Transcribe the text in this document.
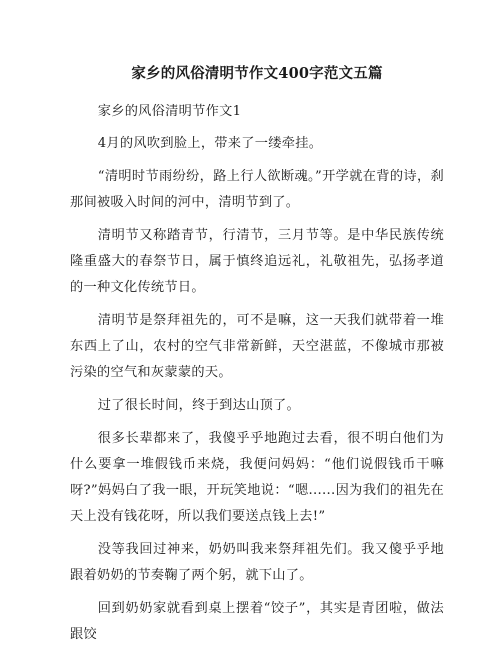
家乡的风俗清明节作文400字范文五篇
家乡的风俗清明节作文1
4月的风吹到脸上，带来了一缕牵挂。
“清明时节雨纷纷，路上行人欲断魂。”开学就在背的诗，刹那间被吸入时间的河中，清明节到了。
清明节又称踏青节，行清节，三月节等。是中华民族传统隆重盛大的春祭节日，属于慎终追远礼，礼敬祖先，弘扬孝道的一种文化传统节日。
清明节是祭拜祖先的，可不是嘛，这一天我们就带着一堆东西上了山，农村的空气非常新鲜，天空湛蓝，不像城市那被污染的空气和灰蒙蒙的天。
过了很长时间，终于到达山顶了。
很多长辈都来了，我傻乎乎地跑过去看，很不明白他们为什么要拿一堆假钱币来烧，我便问妈妈：“他们说假钱币干嘛呀?”妈妈白了我一眼，开玩笑地说：“嗯......因为我们的祖先在天上没有钱花呀，所以我们要送点钱上去!”
没等我回过神来，奶奶叫我来祭拜祖先们。我又傻乎乎地跟着奶奶的节奏鞠了两个躬，就下山了。
回到奶奶家就看到桌上摆着“饺子”，其实是青团啦，做法跟饺
